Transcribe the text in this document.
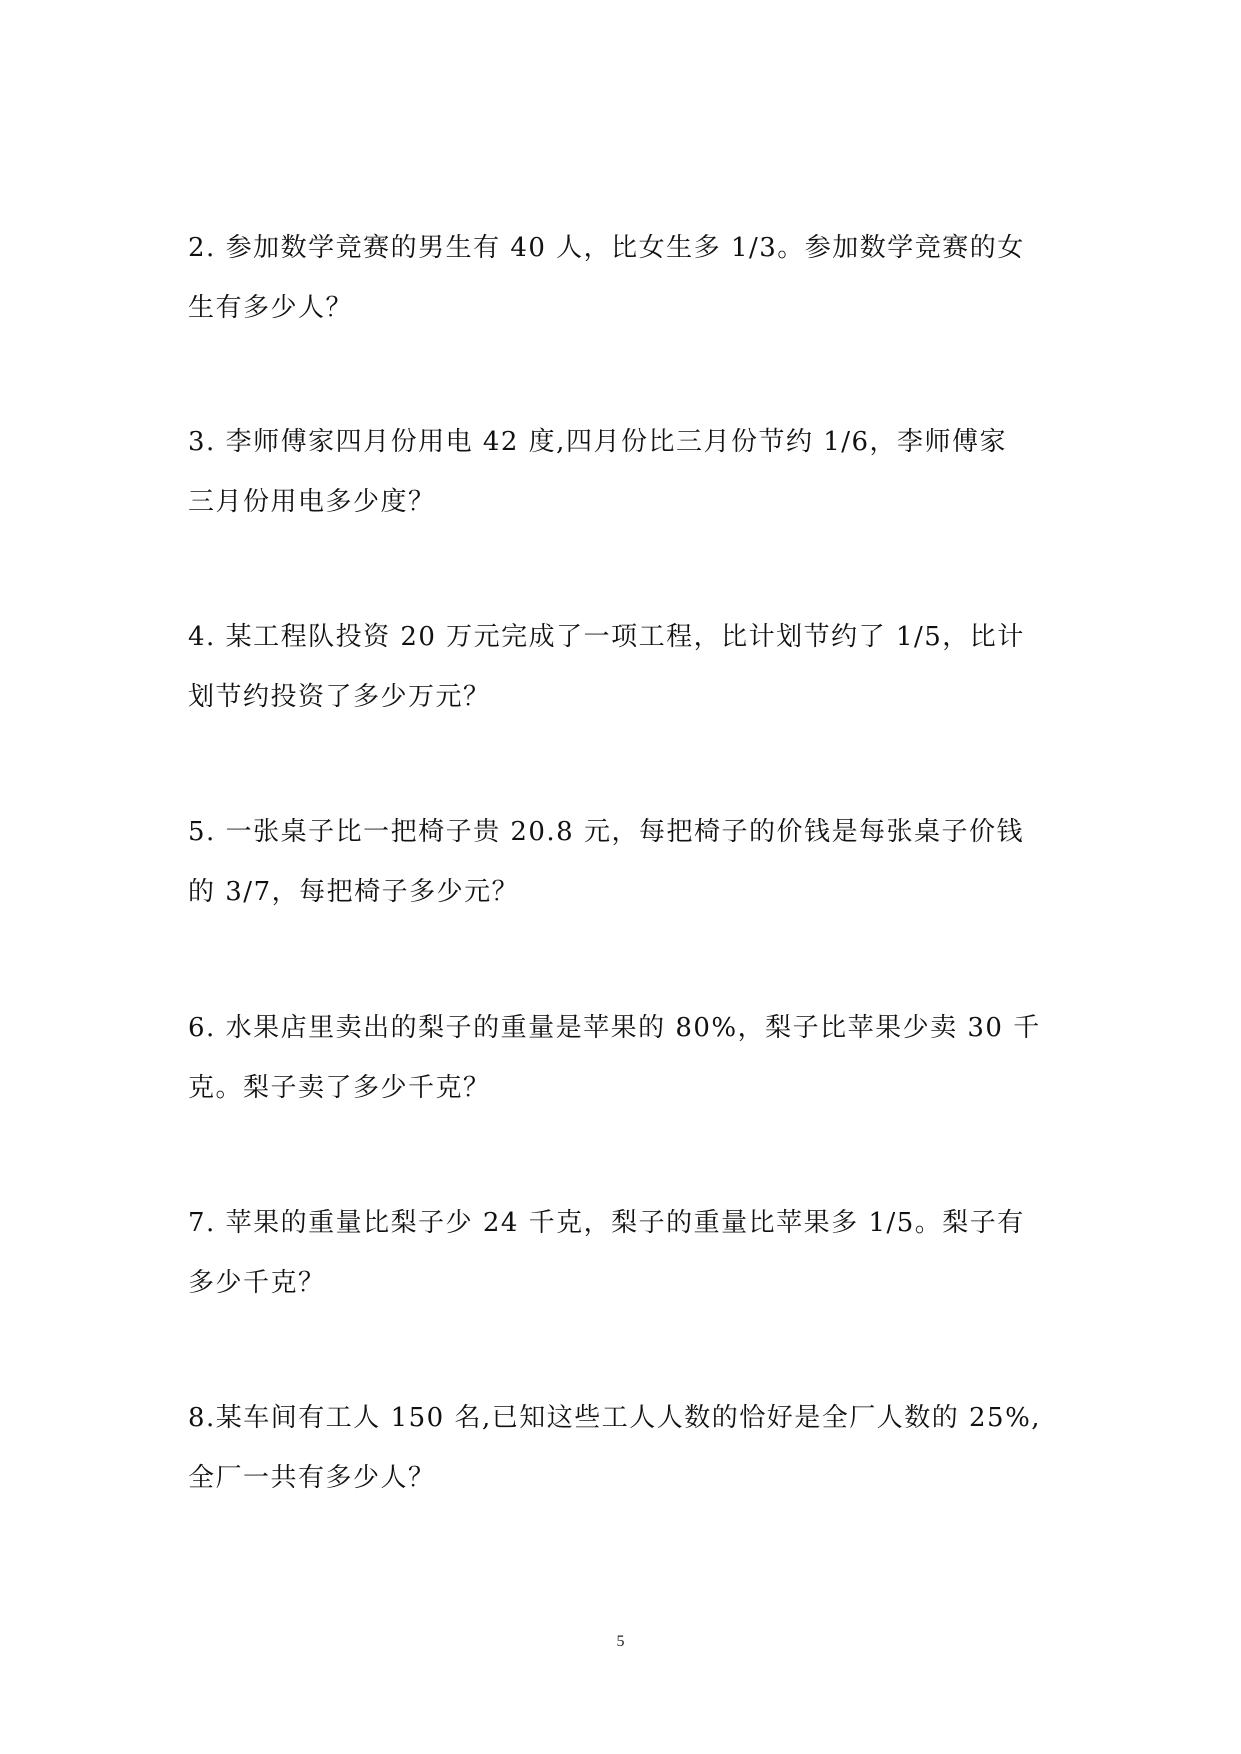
2. 参加数学竞赛的男生有 40 人，比女生多 1/3。参加数学竞赛的女
生有多少人？
3. 李师傅家四月份用电 42 度,四月份比三月份节约 1/6，李师傅家
三月份用电多少度？
4. 某工程队投资 20 万元完成了一项工程，比计划节约了 1/5，比计
划节约投资了多少万元？
5. 一张桌子比一把椅子贵 20.8 元，每把椅子的价钱是每张桌子价钱
的 3/7，每把椅子多少元？
6. 水果店里卖出的梨子的重量是苹果的 80%，梨子比苹果少卖 30 千
克。梨子卖了多少千克？
7. 苹果的重量比梨子少 24 千克，梨子的重量比苹果多 1/5。梨子有
多少千克？
8.某车间有工人 150 名,已知这些工人人数的恰好是全厂人数的 25%,
全厂一共有多少人？
5
